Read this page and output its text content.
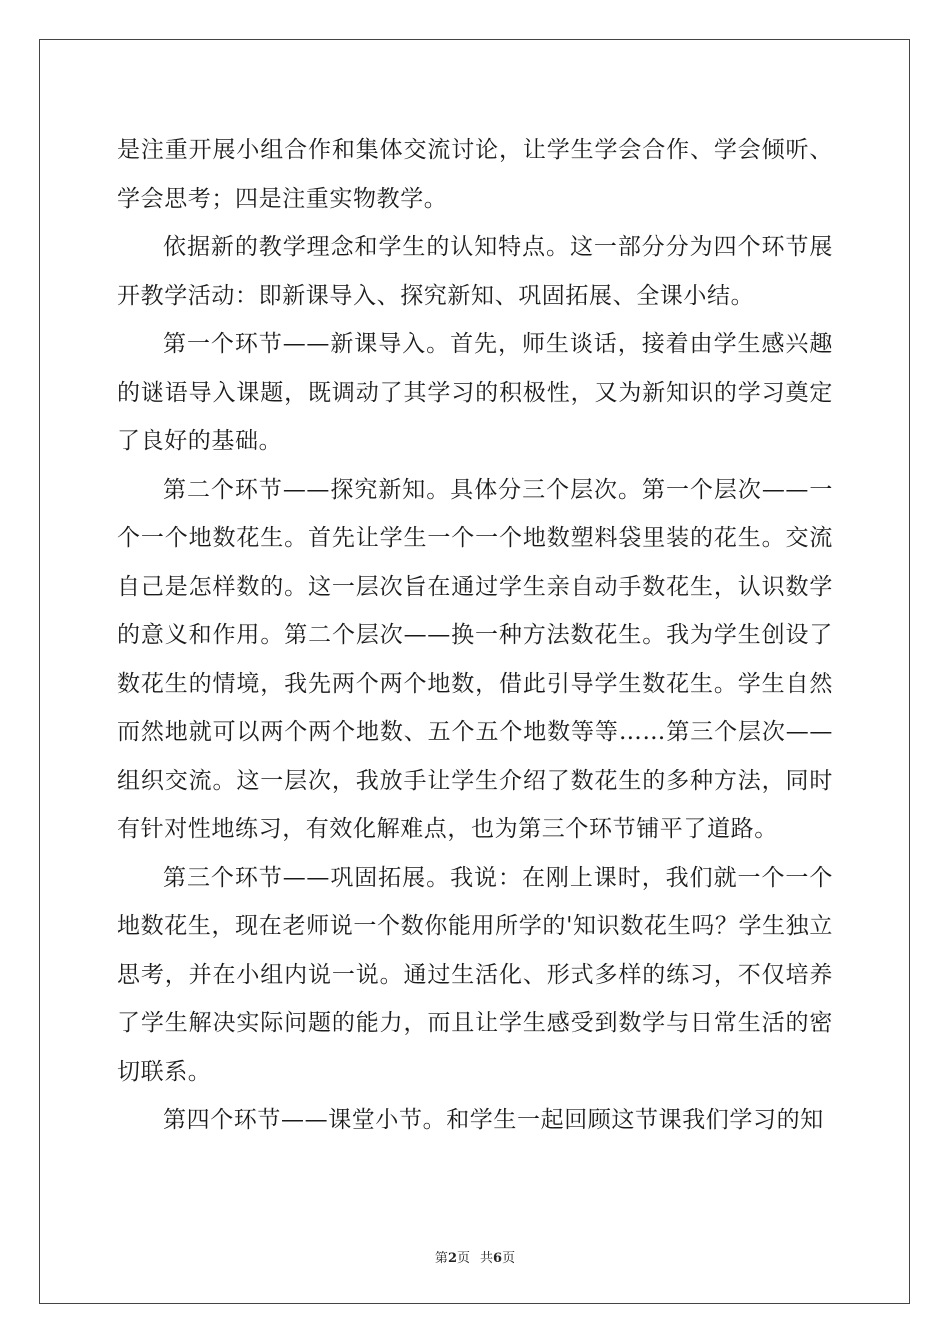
是注重开展小组合作和集体交流讨论，让学生学会合作、学会倾听、学会思考；四是注重实物教学。

依据新的教学理念和学生的认知特点。这一部分分为四个环节展开教学活动：即新课导入、探究新知、巩固拓展、全课小结。

第一个环节——新课导入。首先，师生谈话，接着由学生感兴趣的谜语导入课题，既调动了其学习的积极性，又为新知识的学习奠定了良好的基础。

第二个环节——探究新知。具体分三个层次。第一个层次——一个一个地数花生。首先让学生一个一个地数塑料袋里装的花生。交流自己是怎样数的。这一层次旨在通过学生亲自动手数花生，认识数学的意义和作用。第二个层次——换一种方法数花生。我为学生创设了数花生的情境，我先两个两个地数，借此引导学生数花生。学生自然而然地就可以两个两个地数、五个五个地数等等……第三个层次——组织交流。这一层次，我放手让学生介绍了数花生的多种方法，同时有针对性地练习，有效化解难点，也为第三个环节铺平了道路。

第三个环节——巩固拓展。我说：在刚上课时，我们就一个一个地数花生，现在老师说一个数你能用所学的'知识数花生吗？学生独立思考，并在小组内说一说。通过生活化、形式多样的练习，不仅培养了学生解决实际问题的能力，而且让学生感受到数学与日常生活的密切联系。

第四个环节——课堂小节。和学生一起回顾这节课我们学习的知

第2页 共6页
